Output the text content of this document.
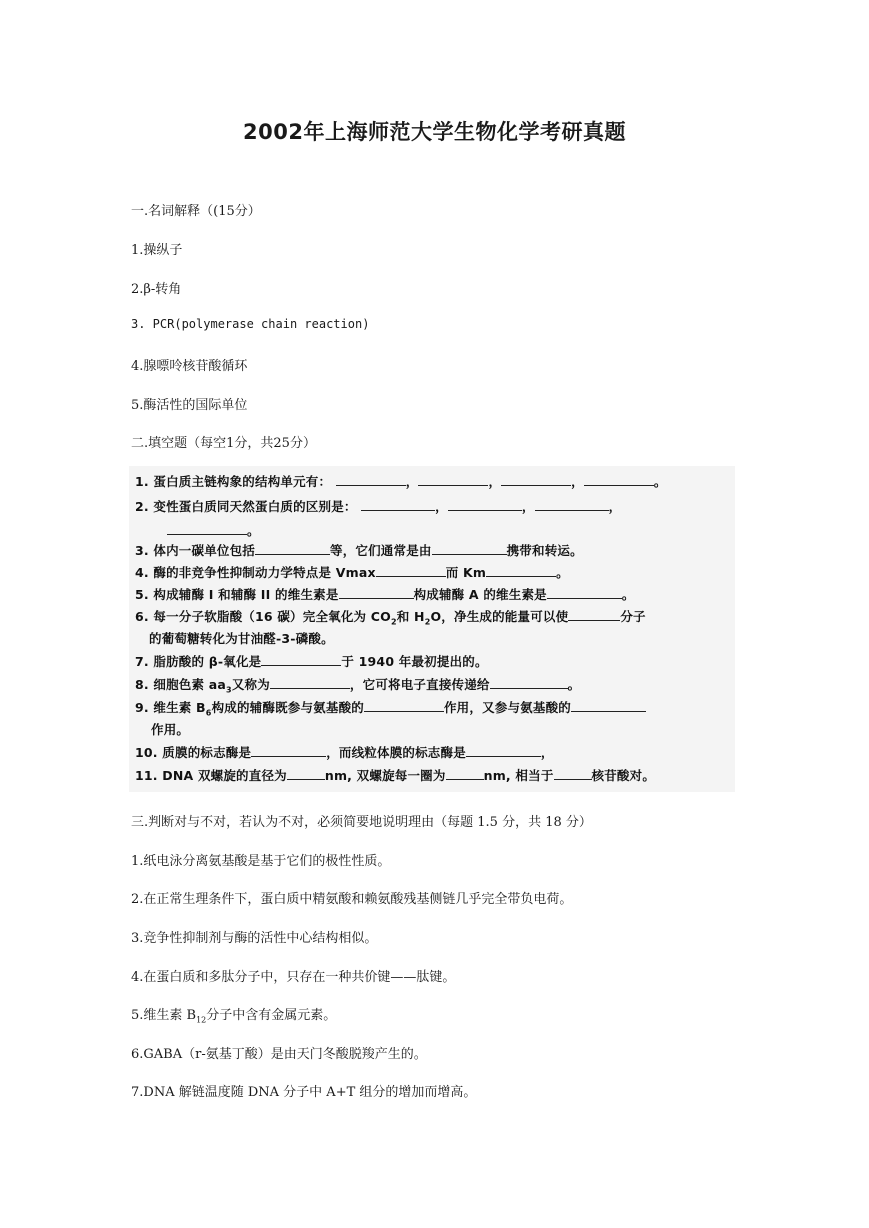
2002年上海师范大学生物化学考研真题
一.名词解释（(15分）
1.操纵子
2.β-转角
3. PCR(polymerase chain reaction)
4.腺嘌呤核苷酸循环
5.酶活性的国际单位
二.填空题（每空1分，共25分）
1. 蛋白质主链构象的结构单元有：	，	，	，	。
2. 变性蛋白质同天然蛋白质的区别是：	，	，	，
。
3. 体内一碳单位包括	等，它们通常是由	携带和转运。
4. 酶的非竞争性抑制动力学特点是 Vmax	而 Km	。
5. 构成辅酶 I 和辅酶 II 的维生素是	构成辅酶 A 的维生素是	。
6. 每一分子软脂酸（16 碳）完全氧化为 $CO_2$和 $H_2O$，净生成的能量可以使	分子
的葡萄糖转化为甘油醛-3-磷酸。
7. 脂肪酸的 β-氧化是	于 1940 年最初提出的。
8. 细胞色素 $aa_3$又称为	，它可将电子直接传递给	。
9. 维生素 $B_6$构成的辅酶既参与氨基酸的	作用，又参与氨基酸的
作用。
10. 质膜的标志酶是	，而线粒体膜的标志酶是	，
11. DNA 双螺旋的直径为	nm, 双螺旋每一圈为	nm, 相当于	核苷酸对。
三.判断对与不对，若认为不对，必须简要地说明理由（每题 1.5 分，共 18 分）
1.纸电泳分离氨基酸是基于它们的极性性质。
2.在正常生理条件下，蛋白质中精氨酸和赖氨酸残基侧链几乎完全带负电荷。
3.竞争性抑制剂与酶的活性中心结构相似。
4.在蛋白质和多肽分子中，只存在一种共价键——肽键。
5.维生素 $B_{12}$分子中含有金属元素。
6.GABA（r-氨基丁酸）是由天门冬酸脱羧产生的。
7.DNA 解链温度随 DNA 分子中 A+T 组分的增加而增高。
